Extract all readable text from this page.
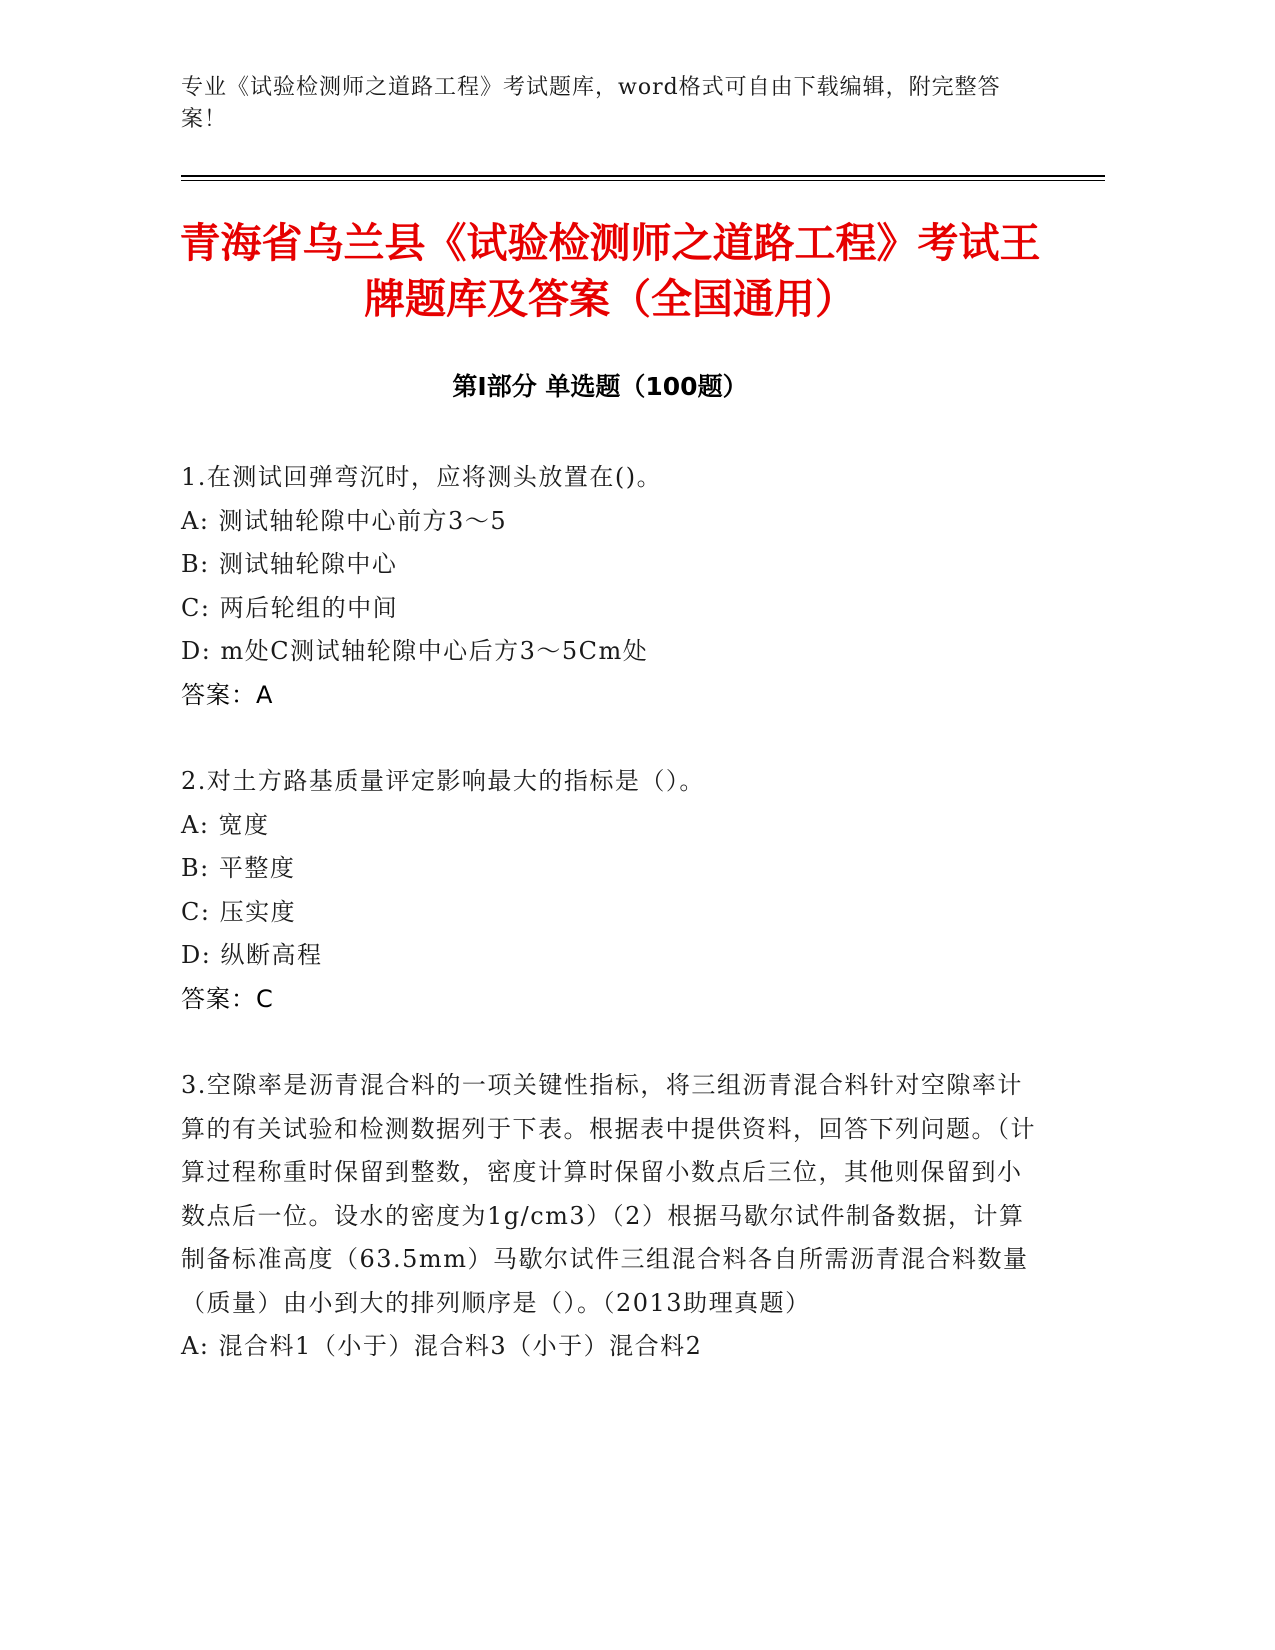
专业《试验检测师之道路工程》考试题库，word格式可自由下载编辑，附完整答案！
青海省乌兰县《试验检测师之道路工程》考试王牌题库及答案（全国通用）
第Ⅰ部分 单选题（100题）
1.在测试回弹弯沉时，应将测头放置在()。
A: 测试轴轮隙中心前方3～5
B: 测试轴轮隙中心
C: 两后轮组的中间
D: m处C测试轴轮隙中心后方3～5Cm处
答案：A
2.对土方路基质量评定影响最大的指标是（）。
A: 宽度
B: 平整度
C: 压实度
D: 纵断高程
答案：C
3.空隙率是沥青混合料的一项关键性指标，将三组沥青混合料针对空隙率计算的有关试验和检测数据列于下表。根据表中提供资料，回答下列问题。（计算过程称重时保留到整数，密度计算时保留小数点后三位，其他则保留到小数点后一位。设水的密度为1g/cm3）（2）根据马歇尔试件制备数据，计算制备标准高度（63.5mm）马歇尔试件三组混合料各自所需沥青混合料数量（质量）由小到大的排列顺序是（）。（2013助理真题）
A: 混合料1（小于）混合料3（小于）混合料2
